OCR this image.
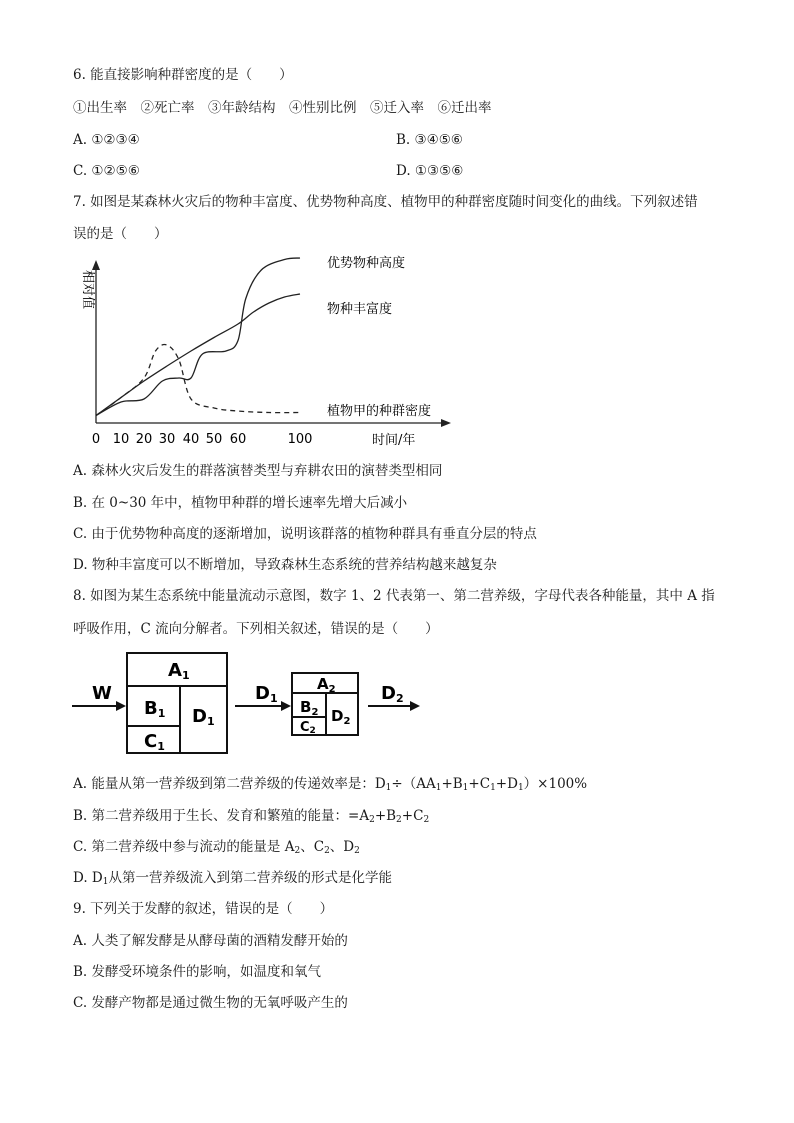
6. 能直接影响种群密度的是（　　）
①出生率　②死亡率　③年龄结构　④性别比例　⑤迁入率　⑥迁出率
A. ①②③④	B. ③④⑤⑥
C. ①②⑤⑥	D. ①③⑤⑥
7. 如图是某森林火灾后的物种丰富度、优势物种高度、植物甲的种群密度随时间变化的曲线。下列叙述错
误的是（　　）
相对值
时间/年
0 10 20 30 40 50 60	100
优势物种高度
物种丰富度
植物甲的种群密度
A. 森林火灾后发生的群落演替类型与弃耕农田的演替类型相同
B. 在 0~30 年中，植物甲种群的增长速率先增大后减小
C. 由于优势物种高度的逐渐增加，说明该群落的植物种群具有垂直分层的特点
D. 物种丰富度可以不断增加，导致森林生态系统的营养结构越来越复杂
8. 如图为某生态系统中能量流动示意图，数字 1、2 代表第一、第二营养级，字母代表各种能量，其中 A 指
呼吸作用，C 流向分解者。下列相关叙述，错误的是（　　）
W
A1
B1
C1
D1
D1
$A_2$
$B_2$
C2
$D_2$
D2
A. 能量从第一营养级到第二营养级的传递效率是：$D_1\div(AA_1+B_1+C_1+D_1)\times 100\%$
B. 第二营养级用于生长、发育和繁殖的能量：$=A_2+B_2+C_2$
C. 第二营养级中参与流动的能量是 $A_2$、$C_2$、$D_2$
D. $D_1$从第一营养级流入到第二营养级的形式是化学能
9. 下列关于发酵的叙述，错误的是（　　）
A. 人类了解发酵是从酵母菌的酒精发酵开始的
B. 发酵受环境条件的影响，如温度和氧气
C. 发酵产物都是通过微生物的无氧呼吸产生的
